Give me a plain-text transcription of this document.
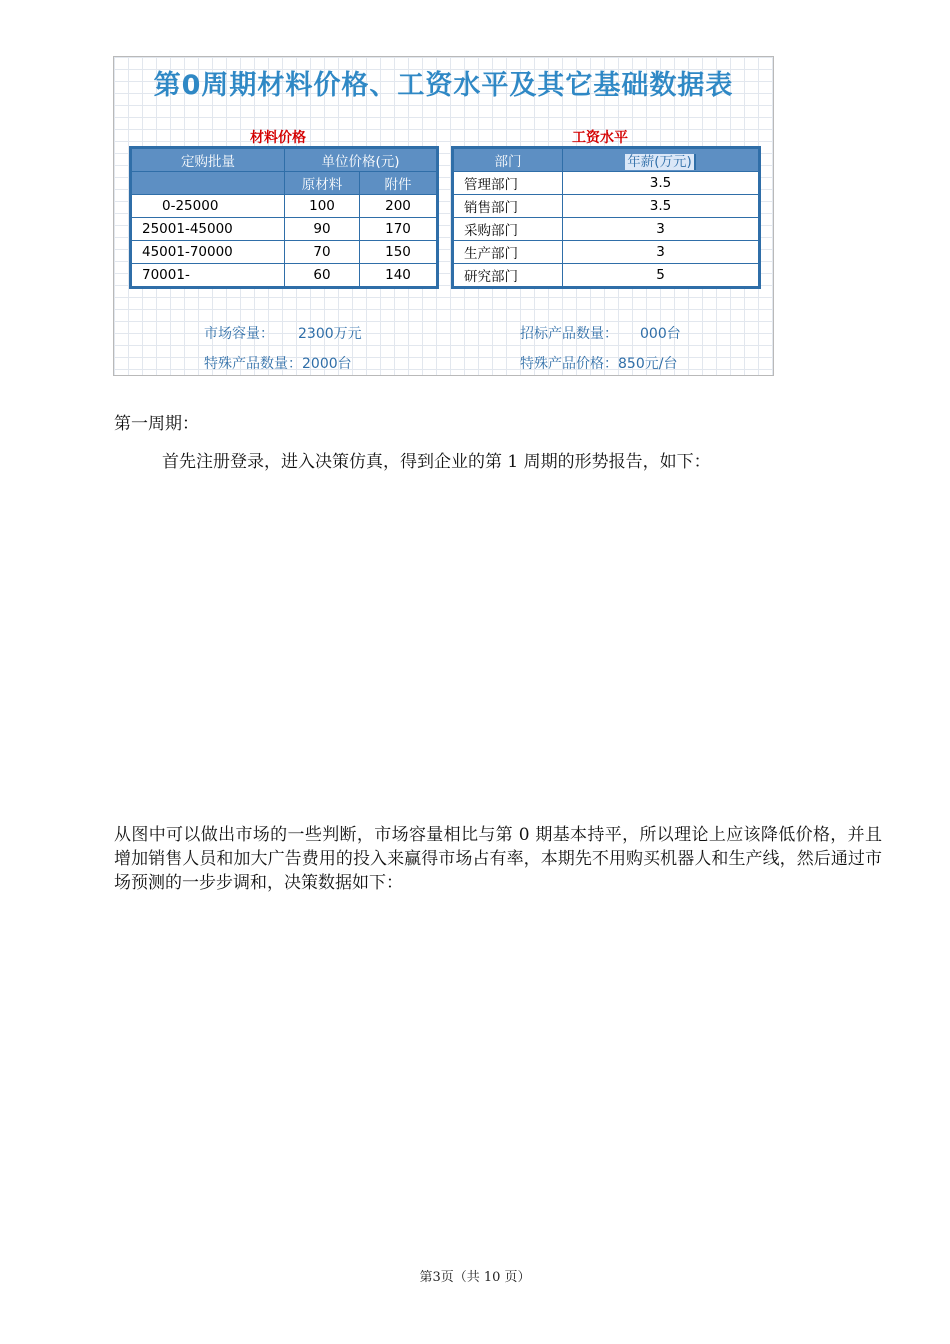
第0周期材料价格、工资水平及其它基础数据表
材料价格	工资水平
定购批量	单位价格(元)	
	原材料	附件
0-25000	100	200
25001-45000	90	170
45001-70000	70	150
70001-	60	140
部门	年薪(万元)
管理部门	3.5
销售部门	3.5
采购部门	3
生产部门	3
研究部门	5
市场容量： 2300万元
特殊产品数量：2000台
招标产品数量： 000台
特殊产品价格：850元/台
第一周期：
首先注册登录，进入决策仿真，得到企业的第 1 周期的形势报告，如下：
从图中可以做出市场的一些判断，市场容量相比与第 0 期基本持平，所以理论上应该降低价格，并且增加销售人员和加大广告费用的投入来赢得市场占有率，本期先不用购买机器人和生产线，然后通过市场预测的一步步调和，决策数据如下：
第3页（共 10 页）
